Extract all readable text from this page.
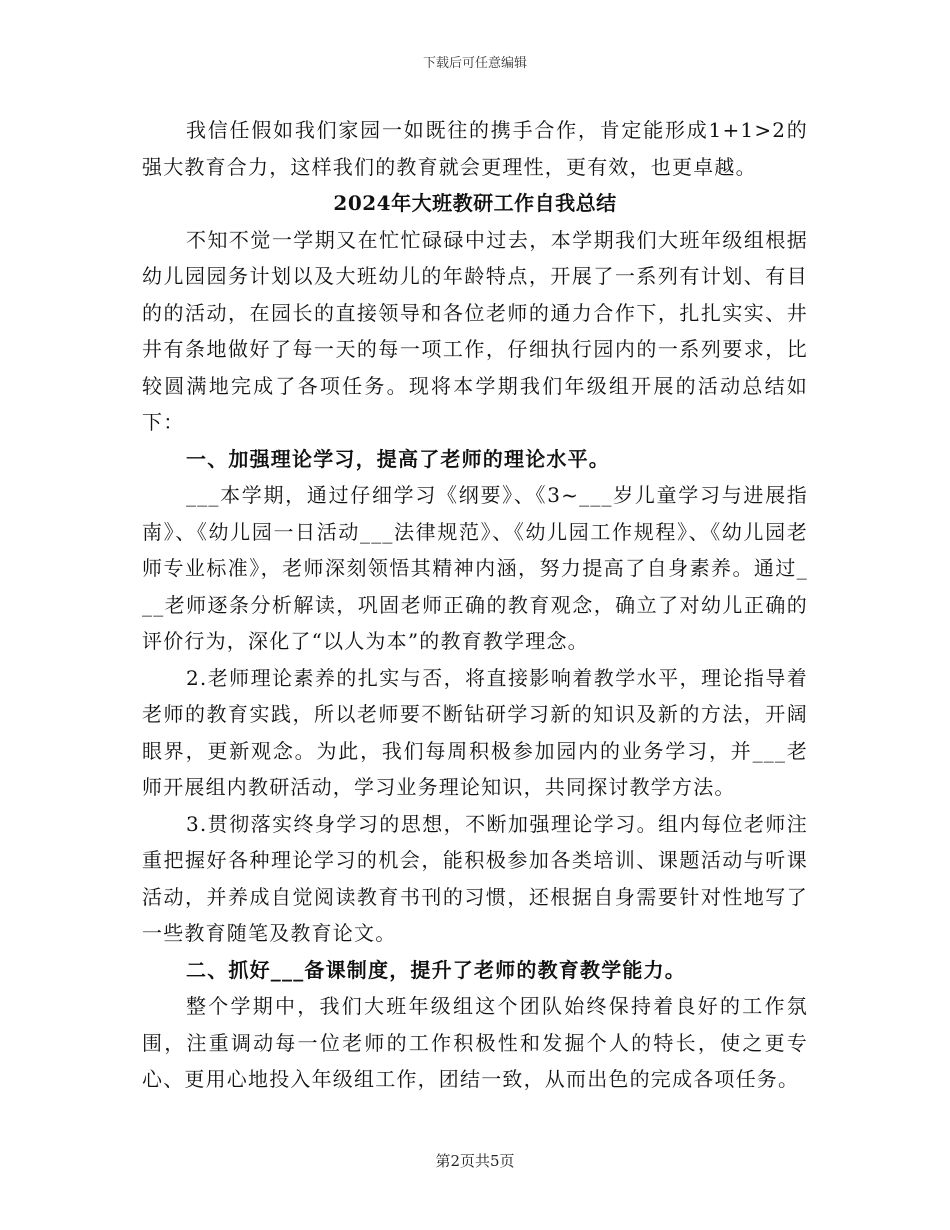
下载后可任意编辑

我信任假如我们家园一如既往的携手合作，肯定能形成1+1>2的强大教育合力，这样我们的教育就会更理性，更有效，也更卓越。

2024年大班教研工作自我总结

不知不觉一学期又在忙忙碌碌中过去，本学期我们大班年级组根据幼儿园园务计划以及大班幼儿的年龄特点，开展了一系列有计划、有目的的活动，在园长的直接领导和各位老师的通力合作下，扎扎实实、井井有条地做好了每一天的每一项工作，仔细执行园内的一系列要求，比较圆满地完成了各项任务。现将本学期我们年级组开展的活动总结如下：

一、加强理论学习，提高了老师的理论水平。

___本学期，通过仔细学习《纲要》、《3~___岁儿童学习与进展指南》、《幼儿园一日活动___法律规范》、《幼儿园工作规程》、《幼儿园老师专业标准》，老师深刻领悟其精神内涵，努力提高了自身素养。通过___老师逐条分析解读，巩固老师正确的教育观念，确立了对幼儿正确的评价行为，深化了“以人为本”的教育教学理念。

2.老师理论素养的扎实与否，将直接影响着教学水平，理论指导着老师的教育实践，所以老师要不断钻研学习新的知识及新的方法，开阔眼界，更新观念。为此，我们每周积极参加园内的业务学习，并___老师开展组内教研活动，学习业务理论知识，共同探讨教学方法。

3.贯彻落实终身学习的思想，不断加强理论学习。组内每位老师注重把握好各种理论学习的机会，能积极参加各类培训、课题活动与听课活动，并养成自觉阅读教育书刊的习惯，还根据自身需要针对性地写了一些教育随笔及教育论文。

二、抓好___备课制度，提升了老师的教育教学能力。

整个学期中，我们大班年级组这个团队始终保持着良好的工作氛围，注重调动每一位老师的工作积极性和发掘个人的特长，使之更专心、更用心地投入年级组工作，团结一致，从而出色的完成各项任务。

第2页共5页
